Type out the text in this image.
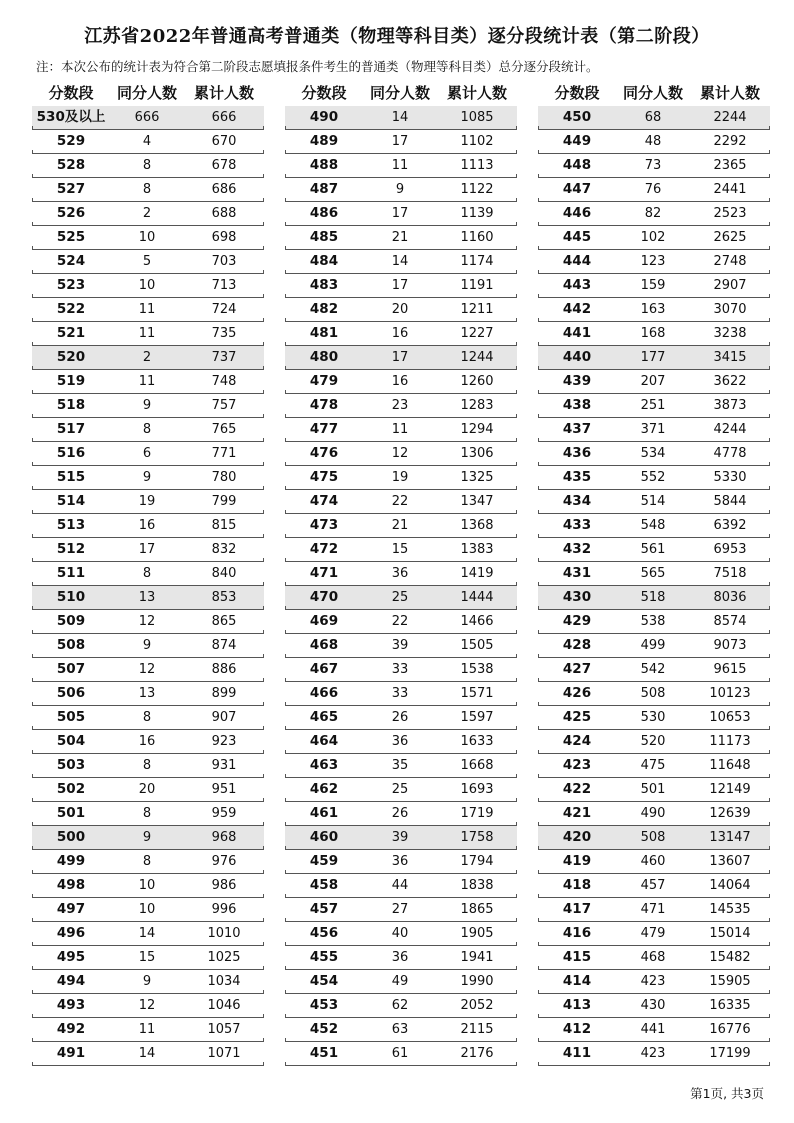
江苏省2022年普通高考普通类（物理等科目类）逐分段统计表（第二阶段）
注：本次公布的统计表为符合第二阶段志愿填报条件考生的普通类（物理等科目类）总分逐分段统计。
分数段	同分人数	累计人数
530及以上	666	666
529	4	670
528	8	678
527	8	686
526	2	688
525	10	698
524	5	703
523	10	713
522	11	724
521	11	735
520	2	737
519	11	748
518	9	757
517	8	765
516	6	771
515	9	780
514	19	799
513	16	815
512	17	832
511	8	840
510	13	853
509	12	865
508	9	874
507	12	886
506	13	899
505	8	907
504	16	923
503	8	931
502	20	951
501	8	959
500	9	968
499	8	976
498	10	986
497	10	996
496	14	1010
495	15	1025
494	9	1034
493	12	1046
492	11	1057
491	14	1071
分数段	同分人数	累计人数
490	14	1085
489	17	1102
488	11	1113
487	9	1122
486	17	1139
485	21	1160
484	14	1174
483	17	1191
482	20	1211
481	16	1227
480	17	1244
479	16	1260
478	23	1283
477	11	1294
476	12	1306
475	19	1325
474	22	1347
473	21	1368
472	15	1383
471	36	1419
470	25	1444
469	22	1466
468	39	1505
467	33	1538
466	33	1571
465	26	1597
464	36	1633
463	35	1668
462	25	1693
461	26	1719
460	39	1758
459	36	1794
458	44	1838
457	27	1865
456	40	1905
455	36	1941
454	49	1990
453	62	2052
452	63	2115
451	61	2176
分数段	同分人数	累计人数
450	68	2244
449	48	2292
448	73	2365
447	76	2441
446	82	2523
445	102	2625
444	123	2748
443	159	2907
442	163	3070
441	168	3238
440	177	3415
439	207	3622
438	251	3873
437	371	4244
436	534	4778
435	552	5330
434	514	5844
433	548	6392
432	561	6953
431	565	7518
430	518	8036
429	538	8574
428	499	9073
427	542	9615
426	508	10123
425	530	10653
424	520	11173
423	475	11648
422	501	12149
421	490	12639
420	508	13147
419	460	13607
418	457	14064
417	471	14535
416	479	15014
415	468	15482
414	423	15905
413	430	16335
412	441	16776
411	423	17199
第1页, 共3页
